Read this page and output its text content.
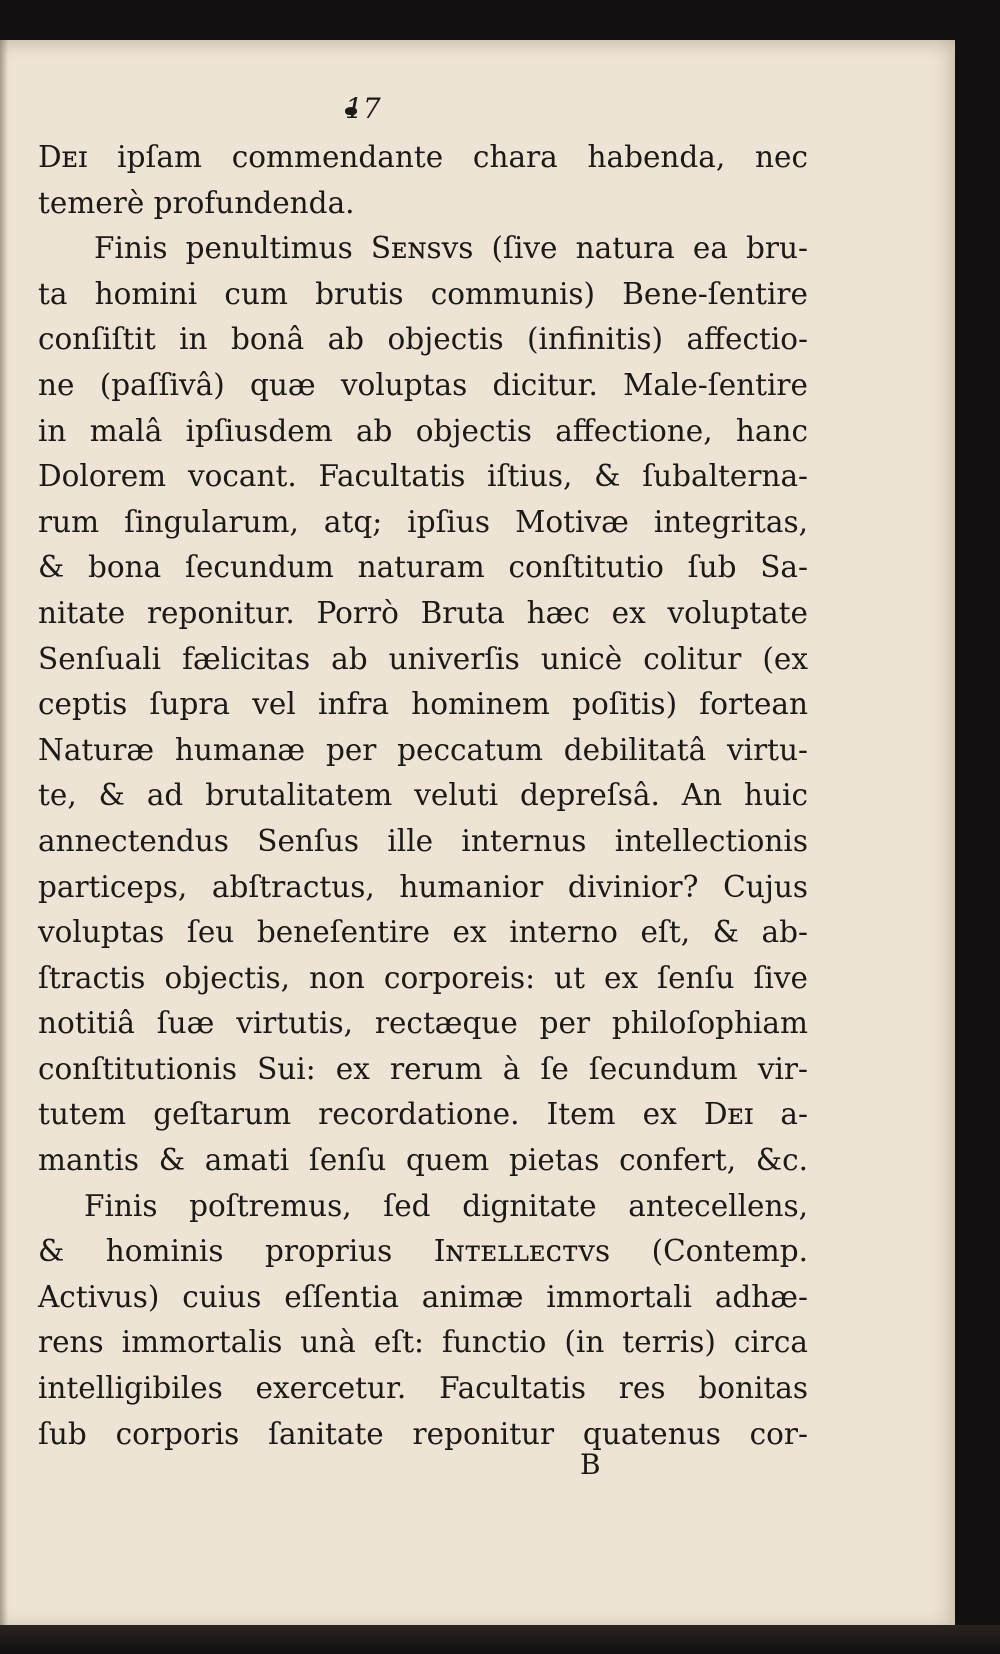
17
Dᴇɪ ipſam commendante chara habenda, nec
temerè profundenda.
Finis penultimus Sᴇɴsᴠs (ſive natura ea bru-
ta homini cum brutis communis) Bene-ſentire
conſiſtit in bonâ ab objectis (infinitis) affectio-
ne (paſſivâ) quæ voluptas dicitur. Male-ſentire
in malâ ipſiusdem ab objectis affectione, hanc
Dolorem vocant. Facultatis iſtius, & ſubalterna-
rum ſingularum, atq; ipſius Motivæ integritas,
& bona ſecundum naturam conſtitutio ſub Sa-
nitate reponitur. Porrò Bruta hæc ex voluptate
Senſuali fælicitas ab univerſis unicè colitur (ex
ceptis ſupra vel infra hominem poſitis) fortean
Naturæ humanæ per peccatum debilitatâ virtu-
te, & ad brutalitatem veluti depreſsâ. An huic
annectendus Senſus ille internus intellectionis
particeps, abſtractus, humanior divinior? Cujus
voluptas ſeu beneſentire ex interno eſt, & ab-
ſtractis objectis, non corporeis: ut ex ſenſu ſive
notitiâ ſuæ virtutis, rectæque per philoſophiam
conſtitutionis Sui: ex rerum à ſe ſecundum vir-
tutem geſtarum recordatione. Item ex Dᴇɪ a-
mantis & amati ſenſu quem pietas confert, &c.
Finis poſtremus, ſed dignitate antecellens,
& hominis proprius Iɴᴛᴇʟʟᴇᴄᴛᴠs (Contemp.
Activus) cuius eſſentia animæ immortali adhæ-
rens immortalis unà eſt: functio (in terris) circa
intelligibiles exercetur. Facultatis res bonitas
ſub corporis ſanitate reponitur quatenus cor-
B
